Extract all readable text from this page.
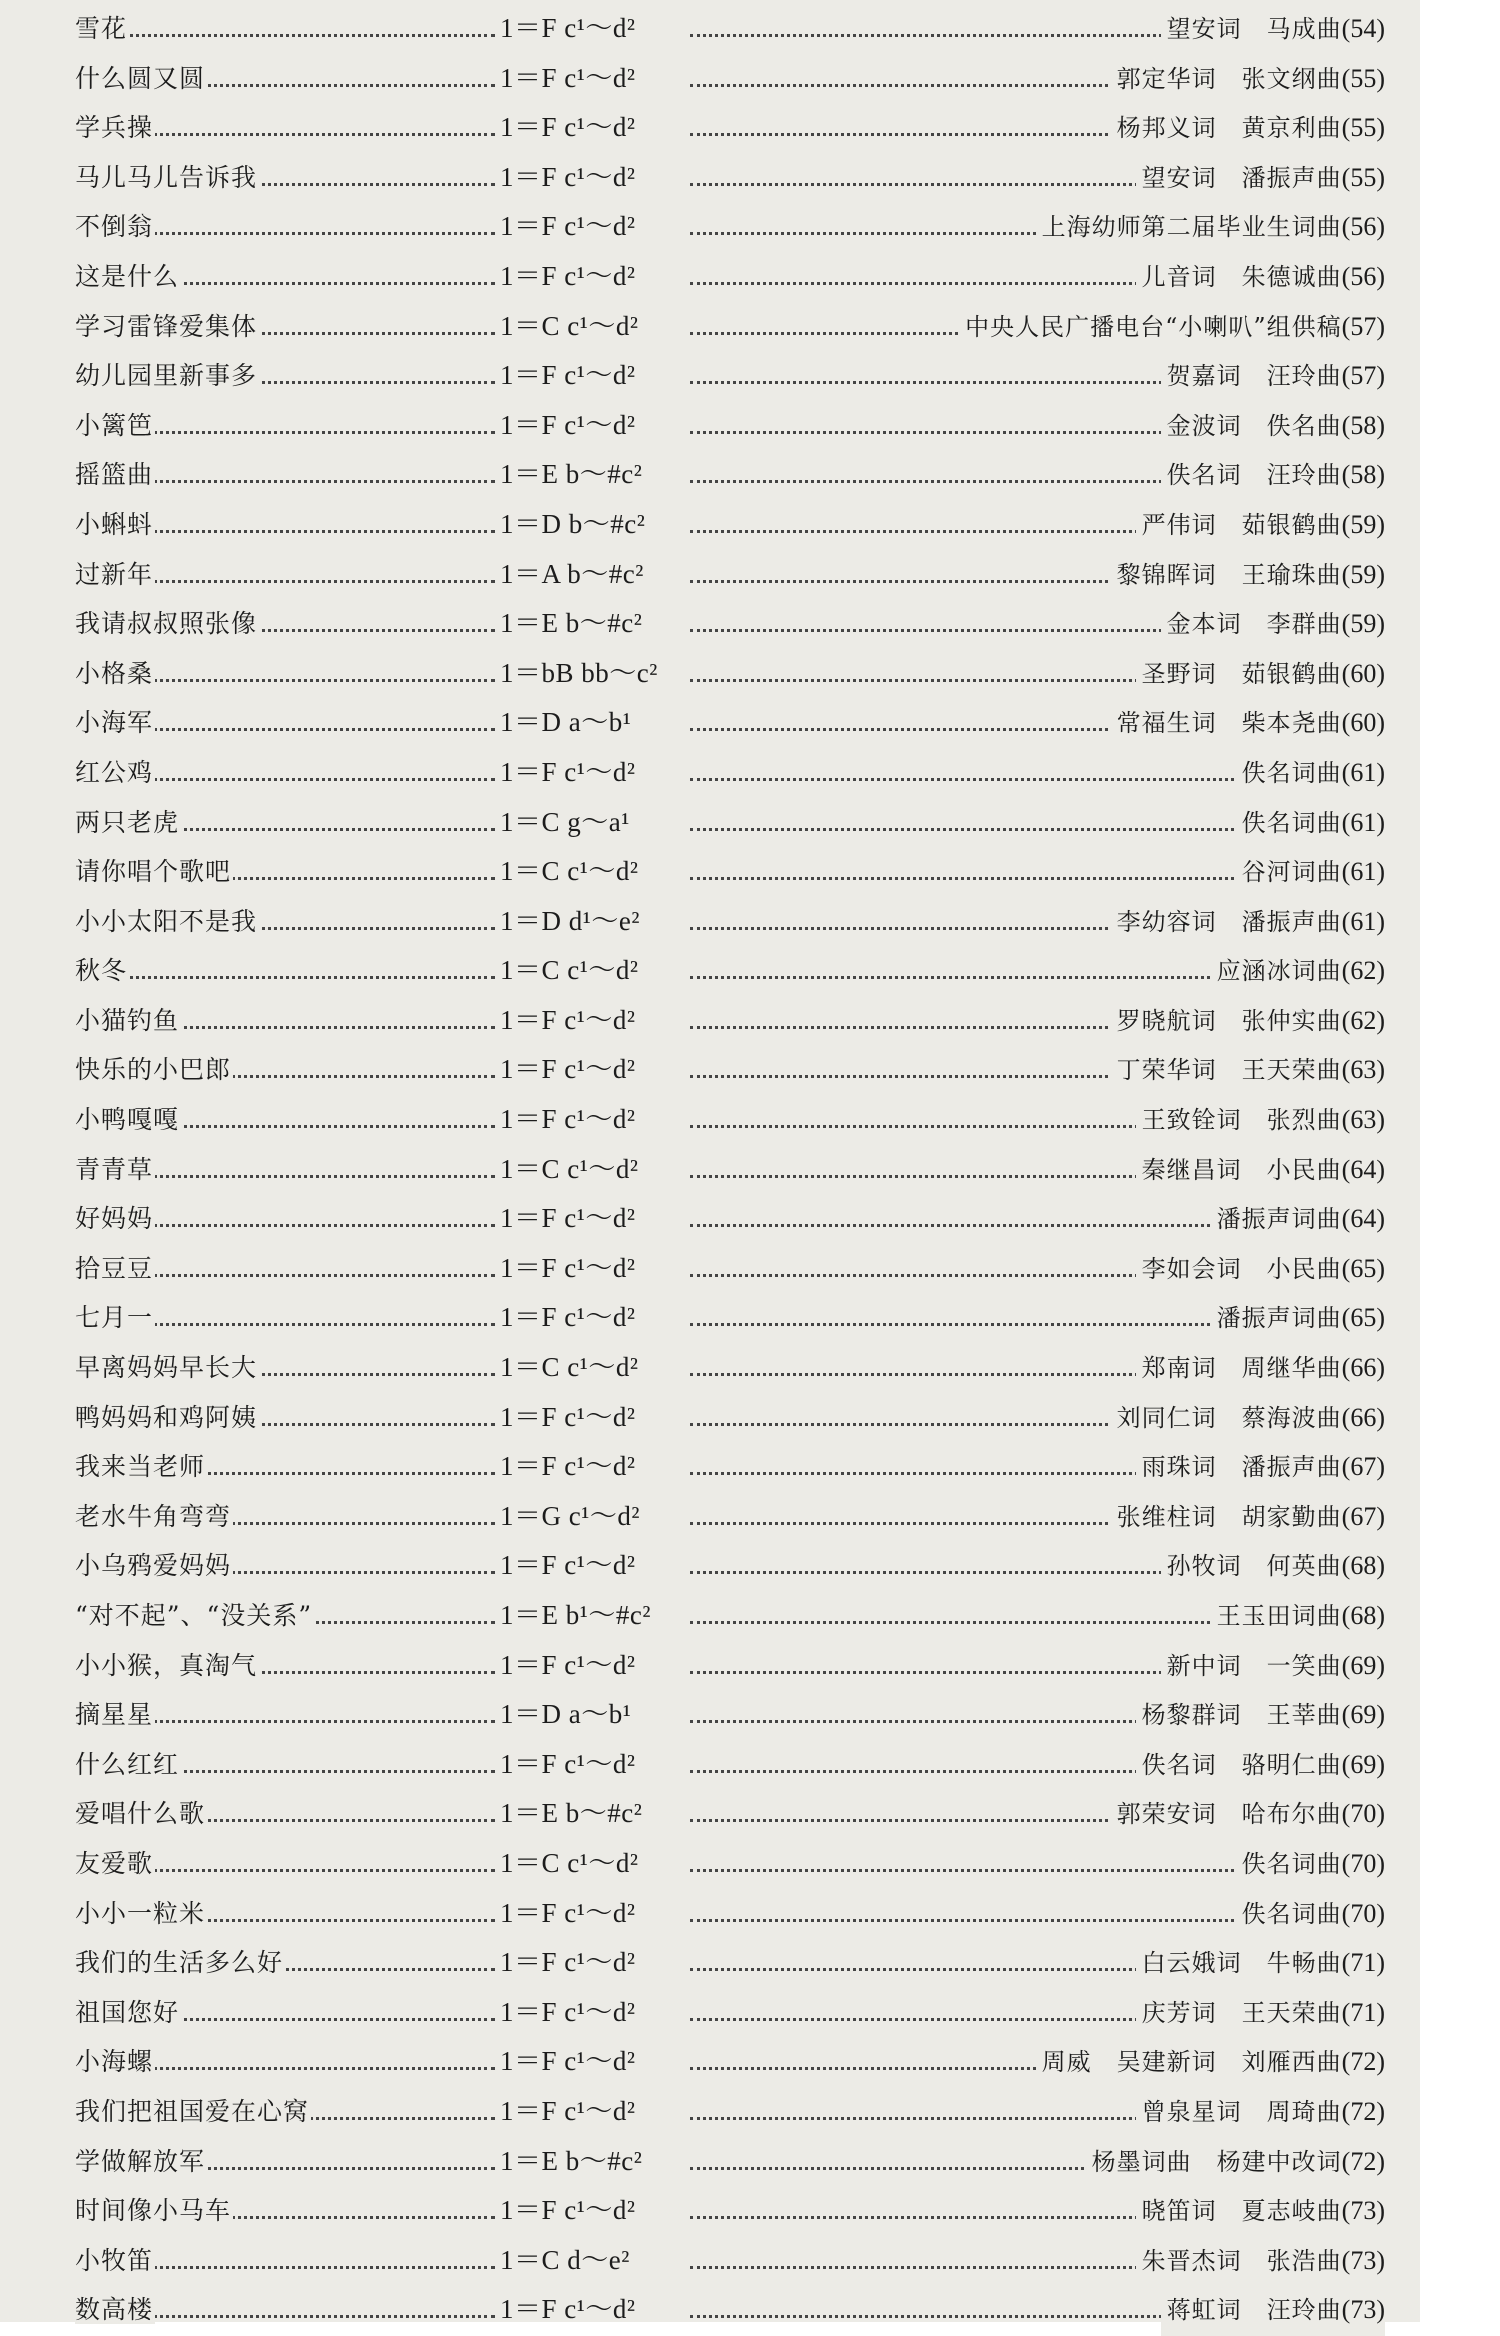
雪花	1＝F c¹～d²	望安词　马成曲(54)
什么圆又圆	1＝F c¹～d²	郭定华词　张文纲曲(55)
学兵操	1＝F c¹～d²	杨邦义词　黄京利曲(55)
马儿马儿告诉我	1＝F c¹～d²	望安词　潘振声曲(55)
不倒翁	1＝F c¹～d²	上海幼师第二届毕业生词曲(56)
这是什么	1＝F c¹～d²	儿音词　朱德诚曲(56)
学习雷锋爱集体	1＝C c¹～d²	中央人民广播电台“小喇叭”组供稿(57)
幼儿园里新事多	1＝F c¹～d²	贺嘉词　汪玲曲(57)
小篱笆	1＝F c¹～d²	金波词　佚名曲(58)
摇篮曲	1＝E b～#c²	佚名词　汪玲曲(58)
小蝌蚪	1＝D b～#c²	严伟词　茹银鹤曲(59)
过新年	1＝A b～#c²	黎锦晖词　王瑜珠曲(59)
我请叔叔照张像	1＝E b～#c²	金本词　李群曲(59)
小格桑	1＝bB bb～c²	圣野词　茹银鹤曲(60)
小海军	1＝D a～b¹	常福生词　柴本尧曲(60)
红公鸡	1＝F c¹～d²	佚名词曲(61)
两只老虎	1＝C g～a¹	佚名词曲(61)
请你唱个歌吧	1＝C c¹～d²	谷河词曲(61)
小小太阳不是我	1＝D d¹～e²	李幼容词　潘振声曲(61)
秋冬	1＝C c¹～d²	应涵冰词曲(62)
小猫钓鱼	1＝F c¹～d²	罗晓航词　张仲实曲(62)
快乐的小巴郎	1＝F c¹～d²	丁荣华词　王天荣曲(63)
小鸭嘎嘎	1＝F c¹～d²	王致铨词　张烈曲(63)
青青草	1＝C c¹～d²	秦继昌词　小民曲(64)
好妈妈	1＝F c¹～d²	潘振声词曲(64)
拾豆豆	1＝F c¹～d²	李如会词　小民曲(65)
七月一	1＝F c¹～d²	潘振声词曲(65)
早离妈妈早长大	1＝C c¹～d²	郑南词　周继华曲(66)
鸭妈妈和鸡阿姨	1＝F c¹～d²	刘同仁词　蔡海波曲(66)
我来当老师	1＝F c¹～d²	雨珠词　潘振声曲(67)
老水牛角弯弯	1＝G c¹～d²	张维柱词　胡家勤曲(67)
小乌鸦爱妈妈	1＝F c¹～d²	孙牧词　何英曲(68)
“对不起”、“没关系”	1＝E b¹～#c²	王玉田词曲(68)
小小猴，真淘气	1＝F c¹～d²	新中词　一笑曲(69)
摘星星	1＝D a～b¹	杨黎群词　王莘曲(69)
什么红红	1＝F c¹～d²	佚名词　骆明仁曲(69)
爱唱什么歌	1＝E b～#c²	郭荣安词　哈布尔曲(70)
友爱歌	1＝C c¹～d²	佚名词曲(70)
小小一粒米	1＝F c¹～d²	佚名词曲(70)
我们的生活多么好	1＝F c¹～d²	白云娥词　牛畅曲(71)
祖国您好	1＝F c¹～d²	庆芳词　王天荣曲(71)
小海螺	1＝F c¹～d²	周威　吴建新词　刘雁西曲(72)
我们把祖国爱在心窝	1＝F c¹～d²	曾泉星词　周琦曲(72)
学做解放军	1＝E b～#c²	杨墨词曲　杨建中改词(72)
时间像小马车	1＝F c¹～d²	晓笛词　夏志岐曲(73)
小牧笛	1＝C d～e²	朱晋杰词　张浩曲(73)
数高楼	1＝F c¹～d²	蒋虹词　汪玲曲(73)
